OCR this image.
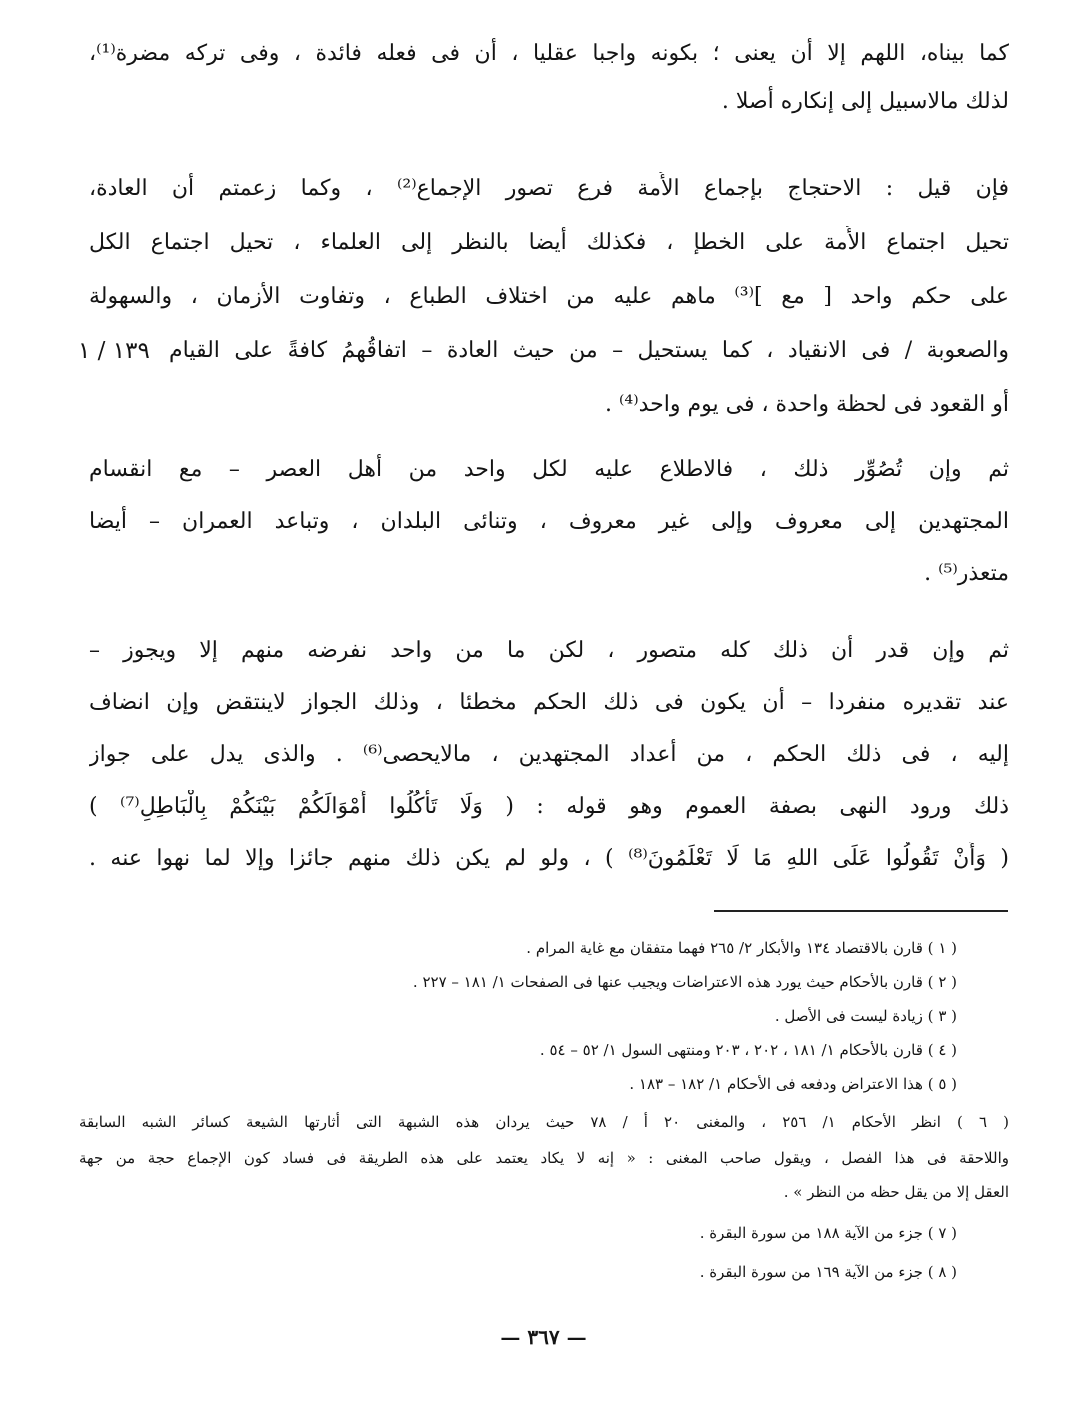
كما بيناه، اللهم إلا أن يعنى ؛ بكونه واجبا عقليا ، أن فى فعله فائدة ، وفى تركه مضرة⁽¹⁾،
لذلك مالاسبيل إلى إنكاره أصلا .
فإن قيل : الاحتجاج بإجماع الأُمة فرع تصور الإجماع⁽²⁾ ، وكما زعمتم أن العادة،
تحيل اجتماع الأُمة على الخطإ ، فكذلك أيضا بالنظر إلى العلماء ، تحيل اجتماع الكل
على حكم واحد [ مع ]⁽³⁾ ماهم عليه من اختلاف الطباع ، وتفاوت الأزمان ، والسهولة
والصعوبة / فى الانقياد ، كما يستحيل – من حيث العادة – اتفاقُهمُ كافةً على القيام
أو القعود فى لحظة واحدة ، فى يوم واحد⁽⁴⁾ .
١٣٩ / ١
ثم وإن تُصُوِّر ذلك ، فالاطلاع عليه لكل واحد من أهل العصر – مع انقسام
المجتهدين إلى معروف وإلى غير معروف ، وتنائى البلدان ، وتباعد العمران – أيضا
متعذر⁽⁵⁾ .
ثم وإن قدر أن ذلك كله متصور ، لكن ما من واحد نفرضه منهم إلا ويجوز –
عند تقديره منفردا – أن يكون فى ذلك الحكم مخطئا ، وذلك الجواز لاينتقض وإن انضاف
إليه ، فى ذلك الحكم ، من أعداد المجتهدين ، مالايحصى⁽⁶⁾ . والذى يدل على جواز
ذلك ورود النهى بصفة العموم وهو قوله : ( وَلَا تَأْكُلُوا أَمْوَالَكُمْ بَيْنَكُمْ بِالْبَاطِلِ⁽⁷⁾ )
( وَأَنْ تَقُولُوا عَلَى اللهِ مَا لَا تَعْلَمُونَ⁽⁸⁾ ) ، ولو لم يكن ذلك منهم جائزا وإلا لما نهوا عنه .
( ١ ) قارن بالاقتصاد ١٣٤ والأبكار ٢/ ٢٦٥ فهما متفقان مع غاية المرام .
( ٢ ) قارن بالأحكام حيث يورد هذه الاعتراضات ويجيب عنها فى الصفحات ١/ ١٨١ – ٢٢٧ .
( ٣ ) زيادة ليست فى الأصل .
( ٤ ) قارن بالأحكام ١/ ١٨١ ، ٢٠٢ ، ٢٠٣ ومنتهى السول ١/ ٥٢ – ٥٤ .
( ٥ ) هذا الاعتراض ودفعه فى الأحكام ١/ ١٨٢ – ١٨٣ .
( ٦ ) انظر الأحكام ١/ ٢٥٦ ، والمغنى ٢٠ أ / ٧٨ حيث يردان هذه الشبهة التى أثارتها الشيعة كسائر الشبه السابقة
واللاحقة فى هذا الفصل ، ويقول صاحب المغنى : « إنه لا يكاد يعتمد على هذه الطريقة فى فساد كون الإجماع حجة من جهة
العقل إلا من يقل حظه من النظر » .
( ٧ ) جزء من الآية ١٨٨ من سورة البقرة .
( ٨ ) جزء من الآية ١٦٩ من سورة البقرة .
— ٣٦٧ —
